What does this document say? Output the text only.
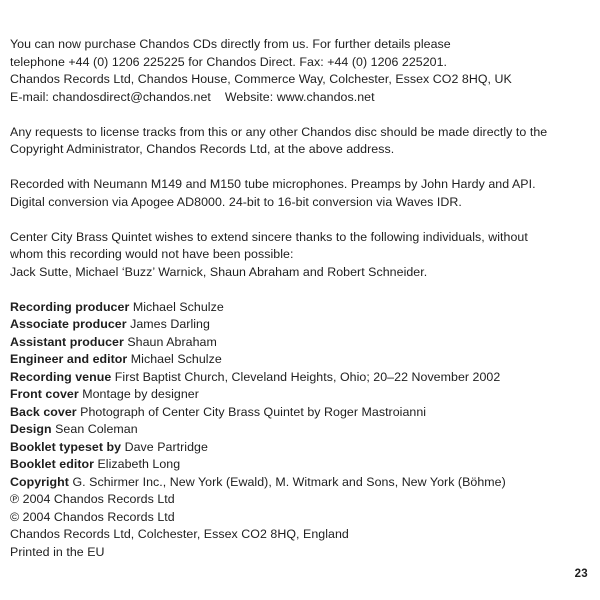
You can now purchase Chandos CDs directly from us. For further details please
telephone +44 (0) 1206 225225 for Chandos Direct. Fax: +44 (0) 1206 225201.
Chandos Records Ltd, Chandos House, Commerce Way, Colchester, Essex CO2 8HQ, UK
E-mail: chandosdirect@chandos.net    Website: www.chandos.net
Any requests to license tracks from this or any other Chandos disc should be made directly to the
Copyright Administrator, Chandos Records Ltd, at the above address.
Recorded with Neumann M149 and M150 tube microphones. Preamps by John Hardy and API.
Digital conversion via Apogee AD8000. 24-bit to 16-bit conversion via Waves IDR.
Center City Brass Quintet wishes to extend sincere thanks to the following individuals, without
whom this recording would not have been possible:
Jack Sutte, Michael ‘Buzz’ Warnick, Shaun Abraham and Robert Schneider.
Recording producer Michael Schulze
Associate producer James Darling
Assistant producer Shaun Abraham
Engineer and editor Michael Schulze
Recording venue First Baptist Church, Cleveland Heights, Ohio; 20–22 November 2002
Front cover Montage by designer
Back cover Photograph of Center City Brass Quintet by Roger Mastroianni
Design Sean Coleman
Booklet typeset by Dave Partridge
Booklet editor Elizabeth Long
Copyright G. Schirmer Inc., New York (Ewald), M. Witmark and Sons, New York (Böhme)
℗ 2004 Chandos Records Ltd
© 2004 Chandos Records Ltd
Chandos Records Ltd, Colchester, Essex CO2 8HQ, England
Printed in the EU
23
